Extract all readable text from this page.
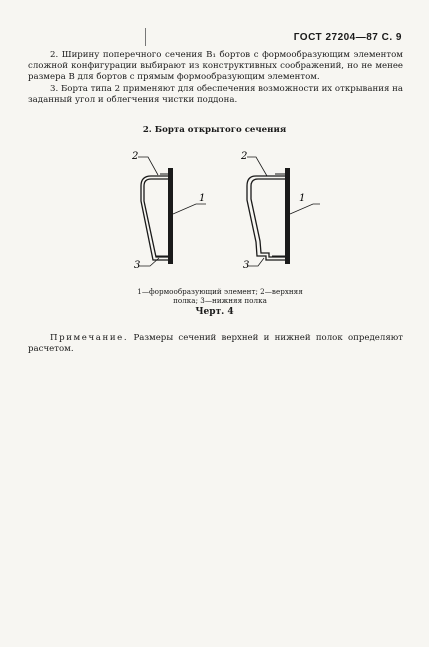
ГОСТ 27204—87 С. 9

2. Ширину поперечного сечения В₁ бортов с формообразующим элементом сложной конфигурации выбирают из конструктивных соображений, но не менее размера В для бортов с прямым формообразующим элементом.

3. Борта типа 2 применяют для обеспечения возможности их открывания на заданный угол и облегчения чистки поддона.

2. Борта открытого сечения
2
1
3
2
1
3
1—формообразующий элемент; 2—верхняя полка; 3—нижняя полка
Черт. 4

Примечание. Размеры сечений верхней и нижней полок определяют расчетом.
